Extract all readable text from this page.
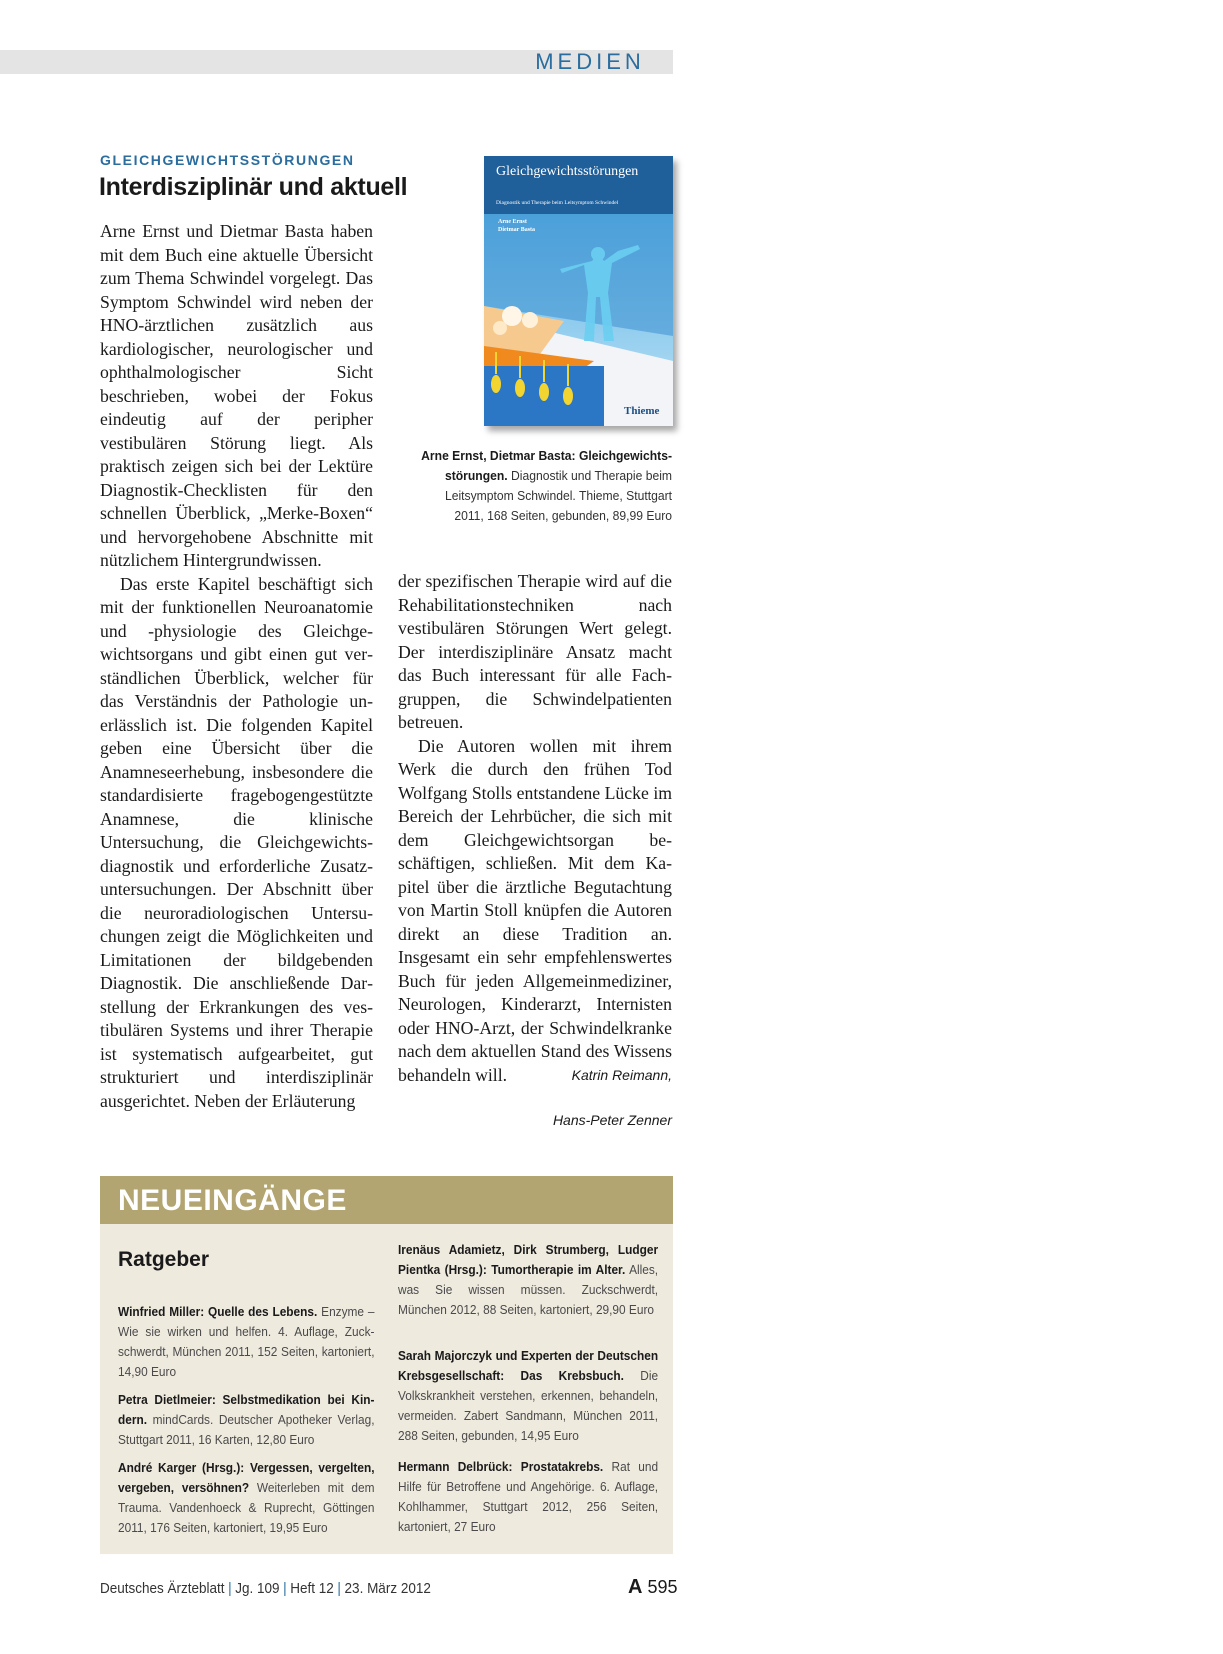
MEDIEN
GLEICHGEWICHTSSTÖRUNGEN
Interdisziplinär und aktuell

Arne Ernst und Dietmar Basta haben mit dem Buch eine aktuelle Übersicht zum Thema Schwindel vorgelegt. Das Symptom Schwindel wird neben der HNO-ärztlichen zusätzlich aus kardiologischer, neurologischer und ophthalmologischer Sicht beschrieben, wobei der Fokus eindeutig auf der peripher vestibulären Störung liegt. Als praktisch zeigen sich bei der Lektüre Diagnostik-Checklisten für den schnellen Überblick, „Merke-Boxen“ und hervorgehobene Abschnitte mit nützlichem Hintergrundwissen.

Das erste Kapitel beschäftigt sich mit der funktionellen Neuroanatomie und -physiologie des Gleichgewichtsorgans und gibt einen gut verständlichen Überblick, welcher für das Verständnis der Pathologie unerlässlich ist. Die folgenden Kapitel geben eine Übersicht über die Anamneseerhebung, insbesondere die standardisierte fragebogengestützte Anamnese, die klinische Untersuchung, die Gleichgewichtsdiagnostik und erforderliche Zusatzuntersuchungen. Der Abschnitt über die neuroradiologischen Untersuchungen zeigt die Möglichkeiten und Limitationen der bildgebenden Diagnostik. Die anschließende Darstellung der Erkrankungen des vestibulären Systems und ihrer Therapie ist systematisch aufgearbeitet, gut strukturiert und interdisziplinär ausgerichtet. Neben der Erläuterung

Gleichgewichtsstörungen
Diagnostik und Therapie beim Leitsymptom Schwindel
Arne Ernst
Dietmar Basta
Thieme
Arne Ernst, Dietmar Basta: Gleichgewichtsstörungen. Diagnostik und Therapie beim Leitsymptom Schwindel. Thieme, Stuttgart 2011, 168 Seiten, gebunden, 89,99 Euro

der spezifischen Therapie wird auf die Rehabilitationstechniken nach vestibulären Störungen Wert gelegt. Der interdisziplinäre Ansatz macht das Buch interessant für alle Fachgruppen, die Schwindelpatienten betreuen.

Die Autoren wollen mit ihrem Werk die durch den frühen Tod Wolfgang Stolls entstandene Lücke im Bereich der Lehrbücher, die sich mit dem Gleichgewichtsorgan beschäftigen, schließen. Mit dem Kapitel über die ärztliche Begutachtung von Martin Stoll knüpfen die Autoren direkt an diese Tradition an. Insgesamt ein sehr empfehlenswertes Buch für jeden Allgemeinmediziner, Neurologen, Kinderarzt, Internisten oder HNO-Arzt, der Schwindelkranke nach dem aktuellen Stand des Wissens behandeln will.	Katrin Reimann,

Hans-Peter Zenner
NEUEINGÄNGE
Ratgeber
Winfried Miller: Quelle des Lebens. Enzyme – Wie sie wirken und helfen. 4. Auflage, Zuckschwerdt, München 2011, 152 Seiten, kartoniert, 14,90 Euro
Petra Dietlmeier: Selbstmedikation bei Kindern. mindCards. Deutscher Apotheker Verlag, Stuttgart 2011, 16 Karten, 12,80 Euro
André Karger (Hrsg.): Vergessen, vergelten, vergeben, versöhnen? Weiterleben mit dem Trauma. Vandenhoeck & Ruprecht, Göttingen 2011, 176 Seiten, kartoniert, 19,95 Euro
Irenäus Adamietz, Dirk Strumberg, Ludger Pientka (Hrsg.): Tumortherapie im Alter. Alles, was Sie wissen müssen. Zuckschwerdt, München 2012, 88 Seiten, kartoniert, 29,90 Euro
Sarah Majorczyk und Experten der Deutschen Krebsgesellschaft: Das Krebsbuch. Die Volkskrankheit verstehen, erkennen, behandeln, vermeiden. Zabert Sandmann, München 2011, 288 Seiten, gebunden, 14,95 Euro
Hermann Delbrück: Prostatakrebs. Rat und Hilfe für Betroffene und Angehörige. 6. Auflage, Kohlhammer, Stuttgart 2012, 256 Seiten, kartoniert, 27 Euro
Deutsches Ärzteblatt | Jg. 109 | Heft 12 | 23. März 2012	A 595
